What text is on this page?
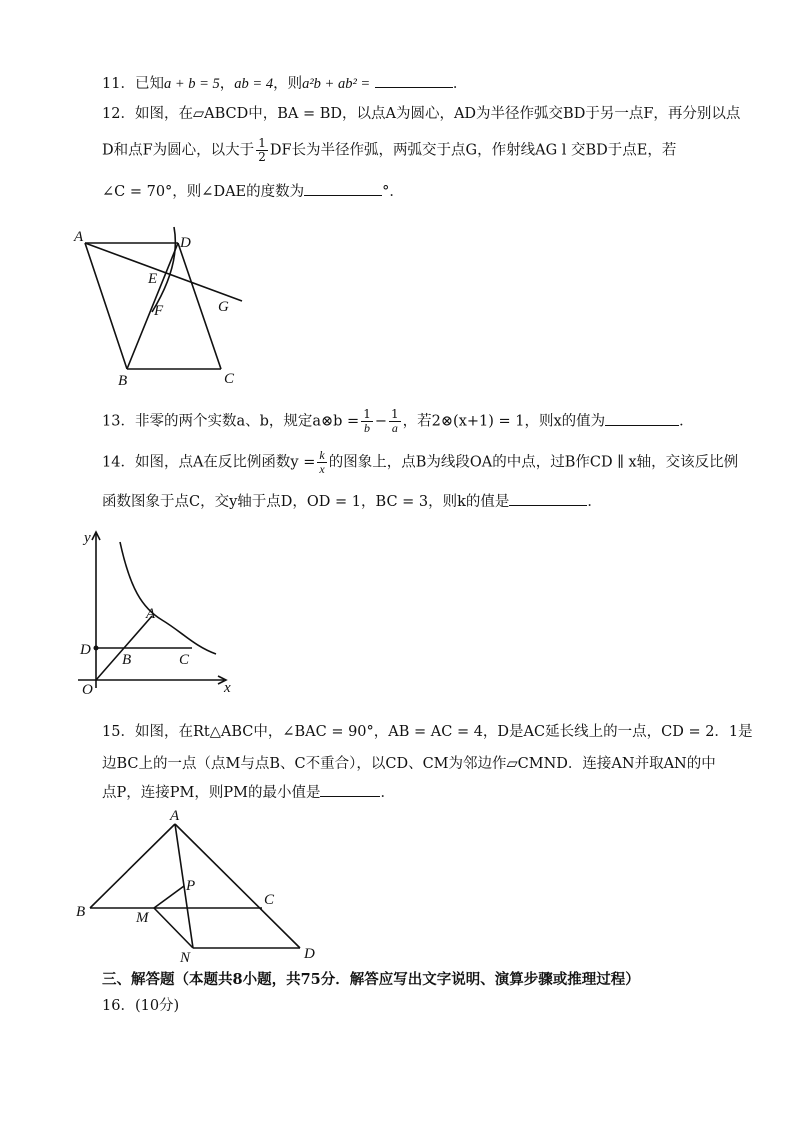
11．已知a + b = 5，ab = 4，则a²b + ab² =	．
12．如图，在▱ABCD中，BA = BD，以点A为圆心，AD为半径作弧交BD于另一点F，再分别以点
D和点F为圆心，以大于 $\frac{1}{2}$ DF长为半径作弧，两弧交于点G，作射线AG l 交BD于点E，若
∠C = 70°，则∠DAE的度数为	°．
A	D
E
F	G
B	C
13．非零的两个实数a、b，规定a⊗b = $\frac{1}{b} - \frac{1}{a}$ ，若2⊗(x+1) = 1，则x的值为	．
14．如图，点A在反比例函数$y = \frac{k}{x}$ 的图象上，点B为线段OA的中点，过B作CD ∥ x轴，交该反比例
函数图象于点C，交y轴于点D，OD = 1，BC = 3，则k的值是	．
y
x
A
D
B	C
O
15．如图，在Rt△ABC中，∠BAC = 90°，AB = AC = 4，D是AC延长线上的一点，CD = 2．1是
边BC上的一点（点M与点B、C不重合），以CD、CM为邻边作▱CMND．连接AN并取AN的中
点P，连接PM，则PM的最小值是	．
A
P
B	M
C
N	D
三、解答题（本题共8小题，共75分．解答应写出文字说明、演算步骤或推理过程）
16．(10分)
